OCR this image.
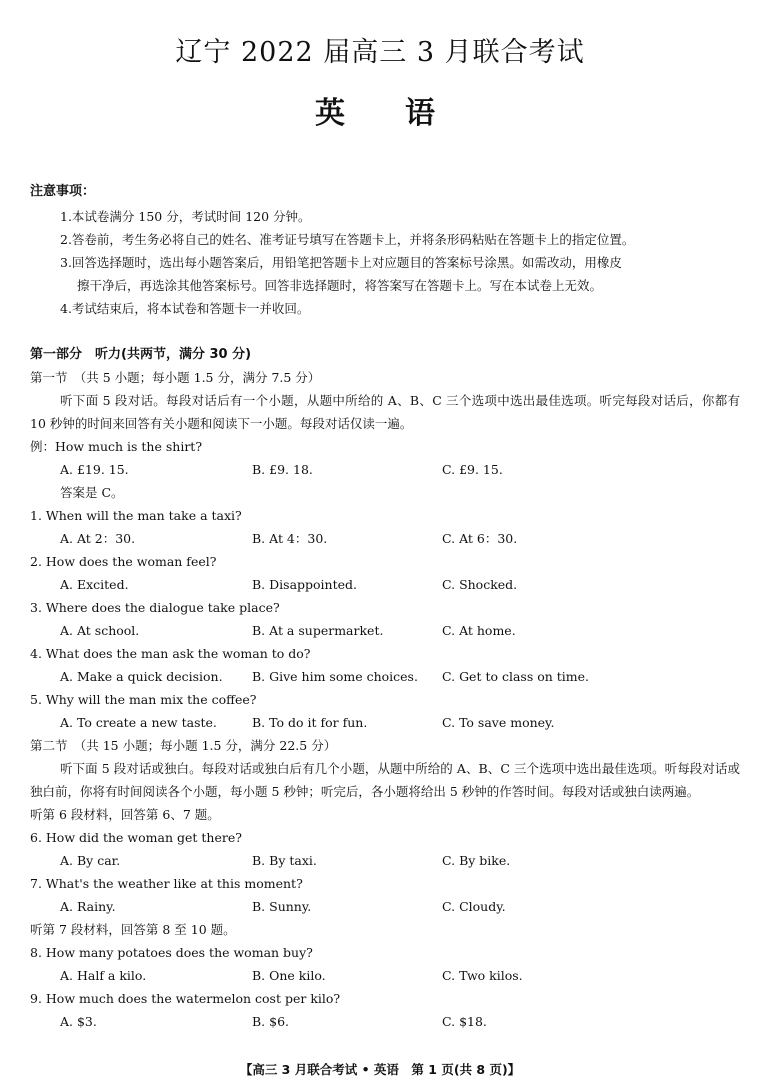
辽宁 2022 届高三 3 月联合考试
英语
注意事项：
1.本试卷满分 150 分，考试时间 120 分钟。
2.答卷前，考生务必将自己的姓名、准考证号填写在答题卡上，并将条形码粘贴在答题卡上的指定位置。
3.回答选择题时，选出每小题答案后，用铅笔把答题卡上对应题目的答案标号涂黑。如需改动，用橡皮
擦干净后，再选涂其他答案标号。回答非选择题时，将答案写在答题卡上。写在本试卷上无效。
4.考试结束后，将本试卷和答题卡一并收回。
第一部分　听力(共两节，满分 30 分)
第一节　（共 5 小题；每小题 1.5 分，满分 7.5 分）
听下面 5 段对话。每段对话后有一个小题，从题中所给的 A、B、C 三个选项中选出最佳选项。听完每段对话后，你都有 10 秒钟的时间来回答有关小题和阅读下一小题。每段对话仅读一遍。
例：How much is the shirt?
A. £19. 15.	B. £9. 18.	C. £9. 15.
答案是 C。
1. When will the man take a taxi?
A. At 2：30.	B. At 4：30.	C. At 6：30.
2. How does the woman feel?
A. Excited.	B. Disappointed.	C. Shocked.
3. Where does the dialogue take place?
A. At school.	B. At a supermarket.	C. At home.
4. What does the man ask the woman to do?
A. Make a quick decision. B. Give him some choices. C. Get to class on time.
5. Why will the man mix the coffee?
A. To create a new taste.	B. To do it for fun.	C. To save money.
第二节　（共 15 小题；每小题 1.5 分，满分 22.5 分）
听下面 5 段对话或独白。每段对话或独白后有几个小题，从题中所给的 A、B、C 三个选项中选出最佳选项。听每段对话或独白前，你将有时间阅读各个小题，每小题 5 秒钟；听完后，各小题将给出 5 秒钟的作答时间。每段对话或独白读两遍。
听第 6 段材料，回答第 6、7 题。
6. How did the woman get there?
A. By car.	B. By taxi.	C. By bike.
7. What's the weather like at this moment?
A. Rainy.	B. Sunny.	C. Cloudy.
听第 7 段材料，回答第 8 至 10 题。
8. How many potatoes does the woman buy?
A. Half a kilo.	B. One kilo.	C. Two kilos.
9. How much does the watermelon cost per kilo?
A. $3.	B. $6.	C. $18.
【高三 3 月联合考试 • 英语　第 1 页(共 8 页)】
